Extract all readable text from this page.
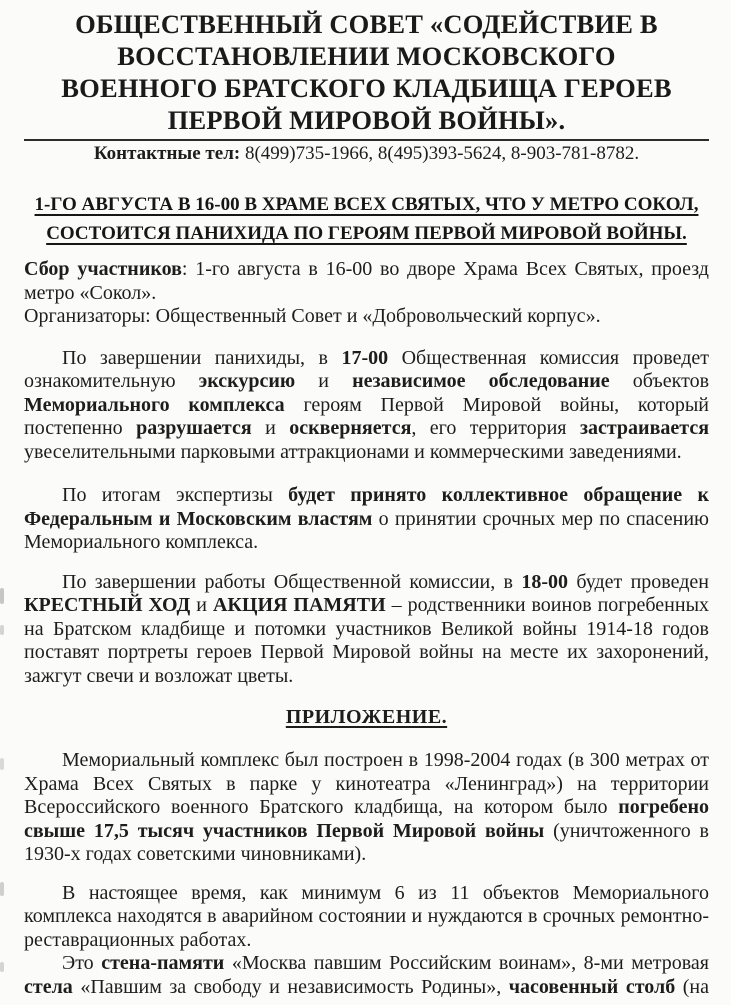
ОБЩЕСТВЕННЫЙ СОВЕТ «СОДЕЙСТВИЕ В
ВОССТАНОВЛЕНИИ МОСКОВСКОГО
ВОЕННОГО БРАТСКОГО КЛАДБИЩА ГЕРОЕВ
ПЕРВОЙ МИРОВОЙ ВОЙНЫ».

Контактные тел: 8(499)735-1966, 8(495)393-5624, 8-903-781-8782.

1-ГО АВГУСТА В 16-00 В ХРАМЕ ВСЕХ СВЯТЫХ, ЧТО У МЕТРО СОКОЛ,
СОСТОИТСЯ ПАНИХИДА ПО ГЕРОЯМ ПЕРВОЙ МИРОВОЙ ВОЙНЫ.

Сбор участников: 1-го августа в 16-00 во дворе Храма Всех Святых, проезд метро «Сокол».
Организаторы: Общественный Совет и «Добровольческий корпус».

По завершении панихиды, в 17-00 Общественная комиссия проведет ознакомительную экскурсию и независимое обследование объектов Мемориального комплекса героям Первой Мировой войны, который постепенно разрушается и оскверняется, его территория застраивается увеселительными парковыми аттракционами и коммерческими заведениями.

По итогам экспертизы будет принято коллективное обращение к Федеральным и Московским властям о принятии срочных мер по спасению Мемориального комплекса.

По завершении работы Общественной комиссии, в 18-00 будет проведен КРЕСТНЫЙ ХОД и АКЦИЯ ПАМЯТИ – родственники воинов погребенных на Братском кладбище и потомки участников Великой войны 1914-18 годов поставят портреты героев Первой Мировой войны на месте их захоронений, зажгут свечи и возложат цветы.

ПРИЛОЖЕНИЕ.

Мемориальный комплекс был построен в 1998-2004 годах (в 300 метрах от Храма Всех Святых в парке у кинотеатра «Ленинград») на территории Всероссийского военного Братского кладбища, на котором было погребено свыше 17,5 тысяч участников Первой Мировой войны (уничтоженного в 1930-х годах советскими чиновниками).

В настоящее время, как минимум 6 из 11 объектов Мемориального комплекса находятся в аварийном состоянии и нуждаются в срочных ремонтно-реставрационных работах.

Это стена-памяти «Москва павшим Российским воинам», 8-ми метровая стела «Павшим за свободу и независимость Родины», часовенный столб (на
